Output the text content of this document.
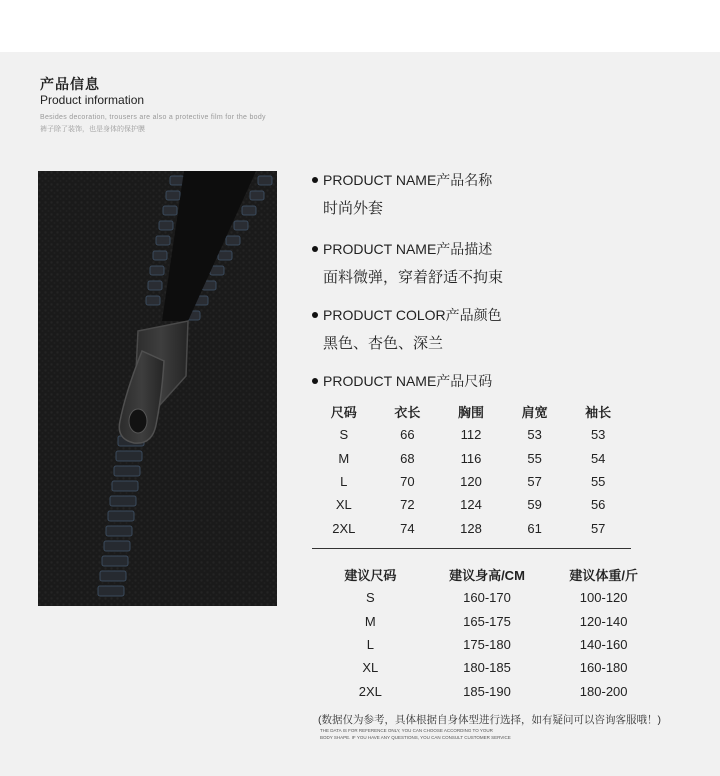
产品信息
Product information
Besides decoration, trousers are also a protective film for the body
裤子除了装饰，也是身体的保护膜
PRODUCT NAME产品名称
时尚外套
PRODUCT NAME产品描述
面料微弹，穿着舒适不拘束
PRODUCT COLOR产品颜色
黑色、杏色、深兰
PRODUCT NAME产品尺码
尺码	衣长	胸围	肩宽	袖长
S	66	112	53	53
M	68	116	55	54
L	70	120	57	55
XL	72	124	59	56
2XL	74	128	61	57
建议尺码	建议身高/CM	建议体重/斤
S	160-170	100-120
M	165-175	120-140
L	175-180	140-160
XL	180-185	160-180
2XL	185-190	180-200
(数据仅为参考，具体根据自身体型进行选择，如有疑问可以咨询客服哦！)
THE DATA IS FOR REFERENCE ONLY, YOU CAN CHOOSE ACCORDING TO YOUR
BODY SHAPE. IF YOU HAVE ANY QUESTIONS, YOU CAN CONSULT CUSTOMER SERVICE
